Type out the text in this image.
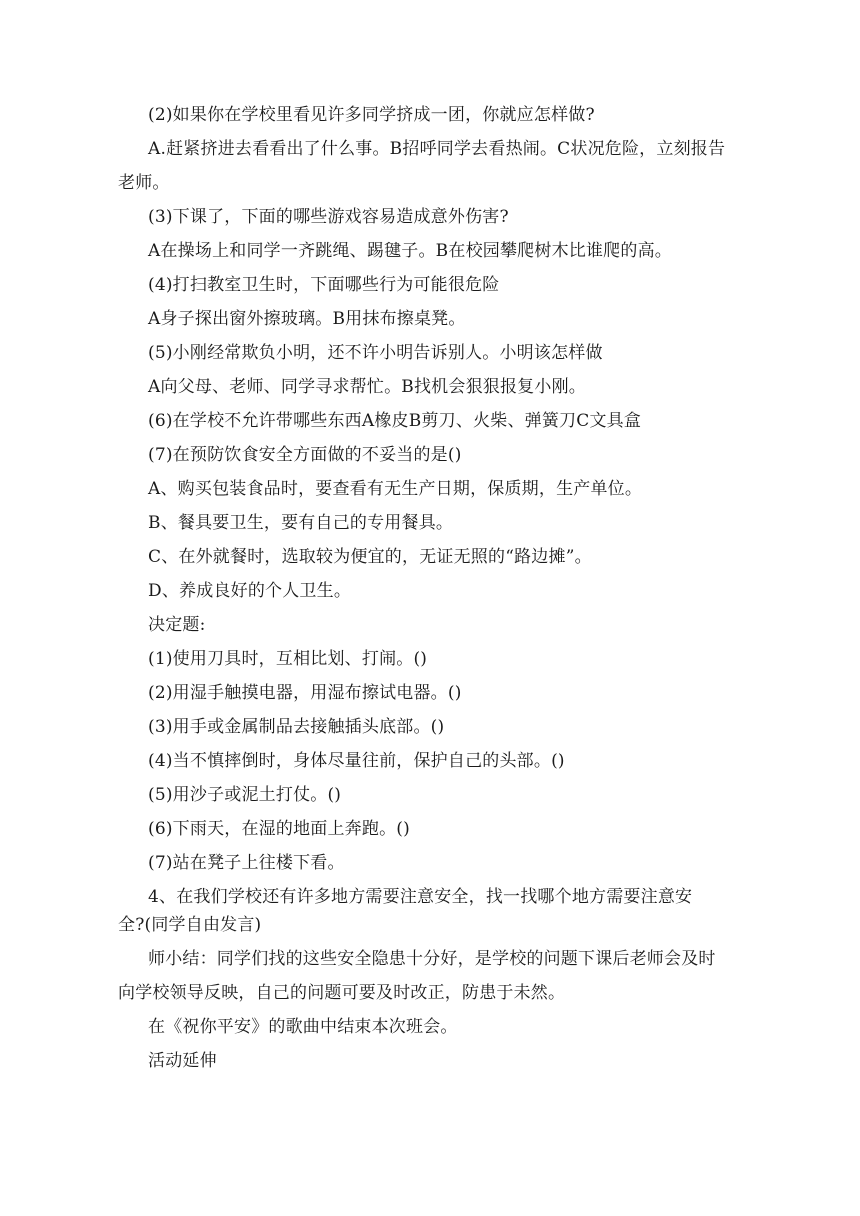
(2)如果你在学校里看见许多同学挤成一团，你就应怎样做?
A.赶紧挤进去看看出了什么事。B招呼同学去看热闹。C状况危险，立刻报告
老师。
(3)下课了，下面的哪些游戏容易造成意外伤害?
A在操场上和同学一齐跳绳、踢毽子。B在校园攀爬树木比谁爬的高。
(4)打扫教室卫生时，下面哪些行为可能很危险
A身子探出窗外擦玻璃。B用抹布擦桌凳。
(5)小刚经常欺负小明，还不许小明告诉别人。小明该怎样做
A向父母、老师、同学寻求帮忙。B找机会狠狠报复小刚。
(6)在学校不允许带哪些东西A橡皮B剪刀、火柴、弹簧刀C文具盒
(7)在预防饮食安全方面做的不妥当的是()
A、购买包装食品时，要查看有无生产日期，保质期，生产单位。
B、餐具要卫生，要有自己的专用餐具。
C、在外就餐时，选取较为便宜的，无证无照的“路边摊”。
D、养成良好的个人卫生。
决定题:
(1)使用刀具时，互相比划、打闹。()
(2)用湿手触摸电器，用湿布擦试电器。()
(3)用手或金属制品去接触插头底部。()
(4)当不慎摔倒时，身体尽量往前，保护自己的头部。()
(5)用沙子或泥土打仗。()
(6)下雨天，在湿的地面上奔跑。()
(7)站在凳子上往楼下看。
4、在我们学校还有许多地方需要注意安全，找一找哪个地方需要注意安
全?(同学自由发言)
师小结：同学们找的这些安全隐患十分好，是学校的问题下课后老师会及时
向学校领导反映，自己的问题可要及时改正，防患于未然。
在《祝你平安》的歌曲中结束本次班会。
活动延伸
